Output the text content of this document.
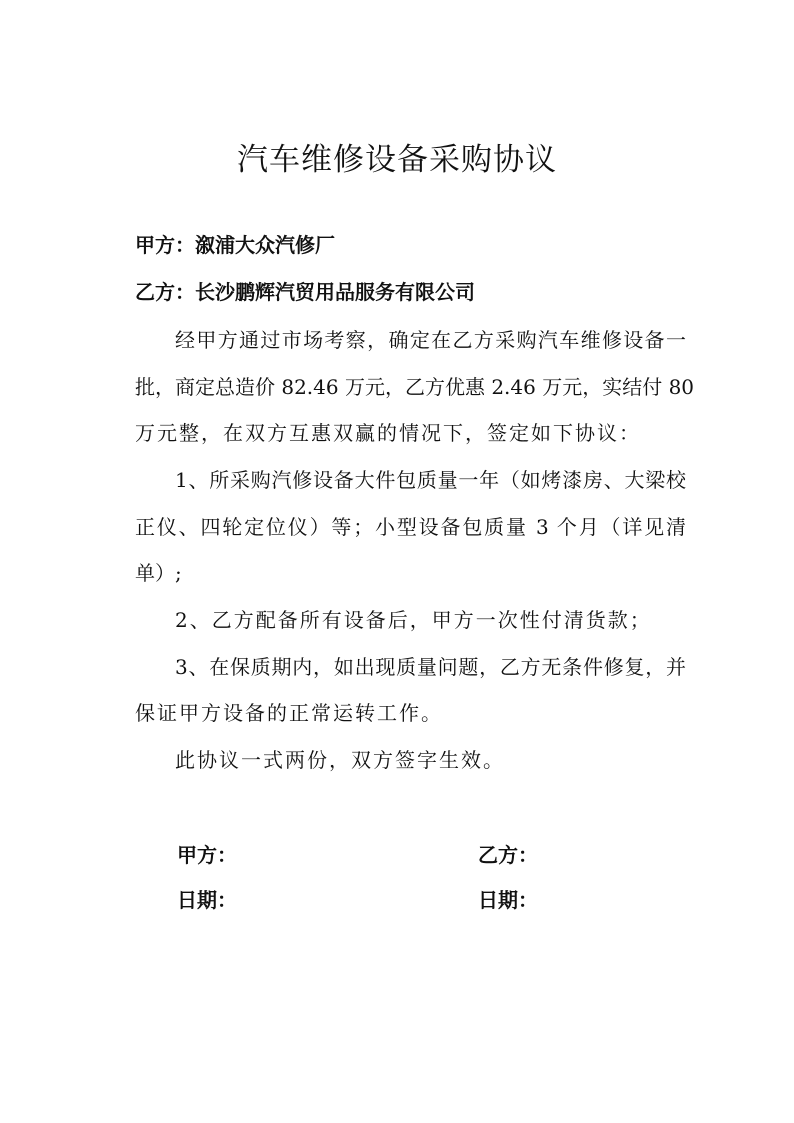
汽车维修设备采购协议
甲方：溆浦大众汽修厂
乙方：长沙鹏辉汽贸用品服务有限公司
经甲方通过市场考察，确定在乙方采购汽车维修设备一
批，商定总造价 82.46 万元，乙方优惠 2.46 万元，实结付 80
万元整，在双方互惠双赢的情况下，签定如下协议：
1、所采购汽修设备大件包质量一年（如烤漆房、大梁校
正仪、四轮定位仪）等；小型设备包质量 3 个月（详见清
单）;
2、乙方配备所有设备后，甲方一次性付清货款；
3、在保质期内，如出现质量问题，乙方无条件修复，并
保证甲方设备的正常运转工作。
此协议一式两份，双方签字生效。
甲方：	乙方：
日期：	日期：
